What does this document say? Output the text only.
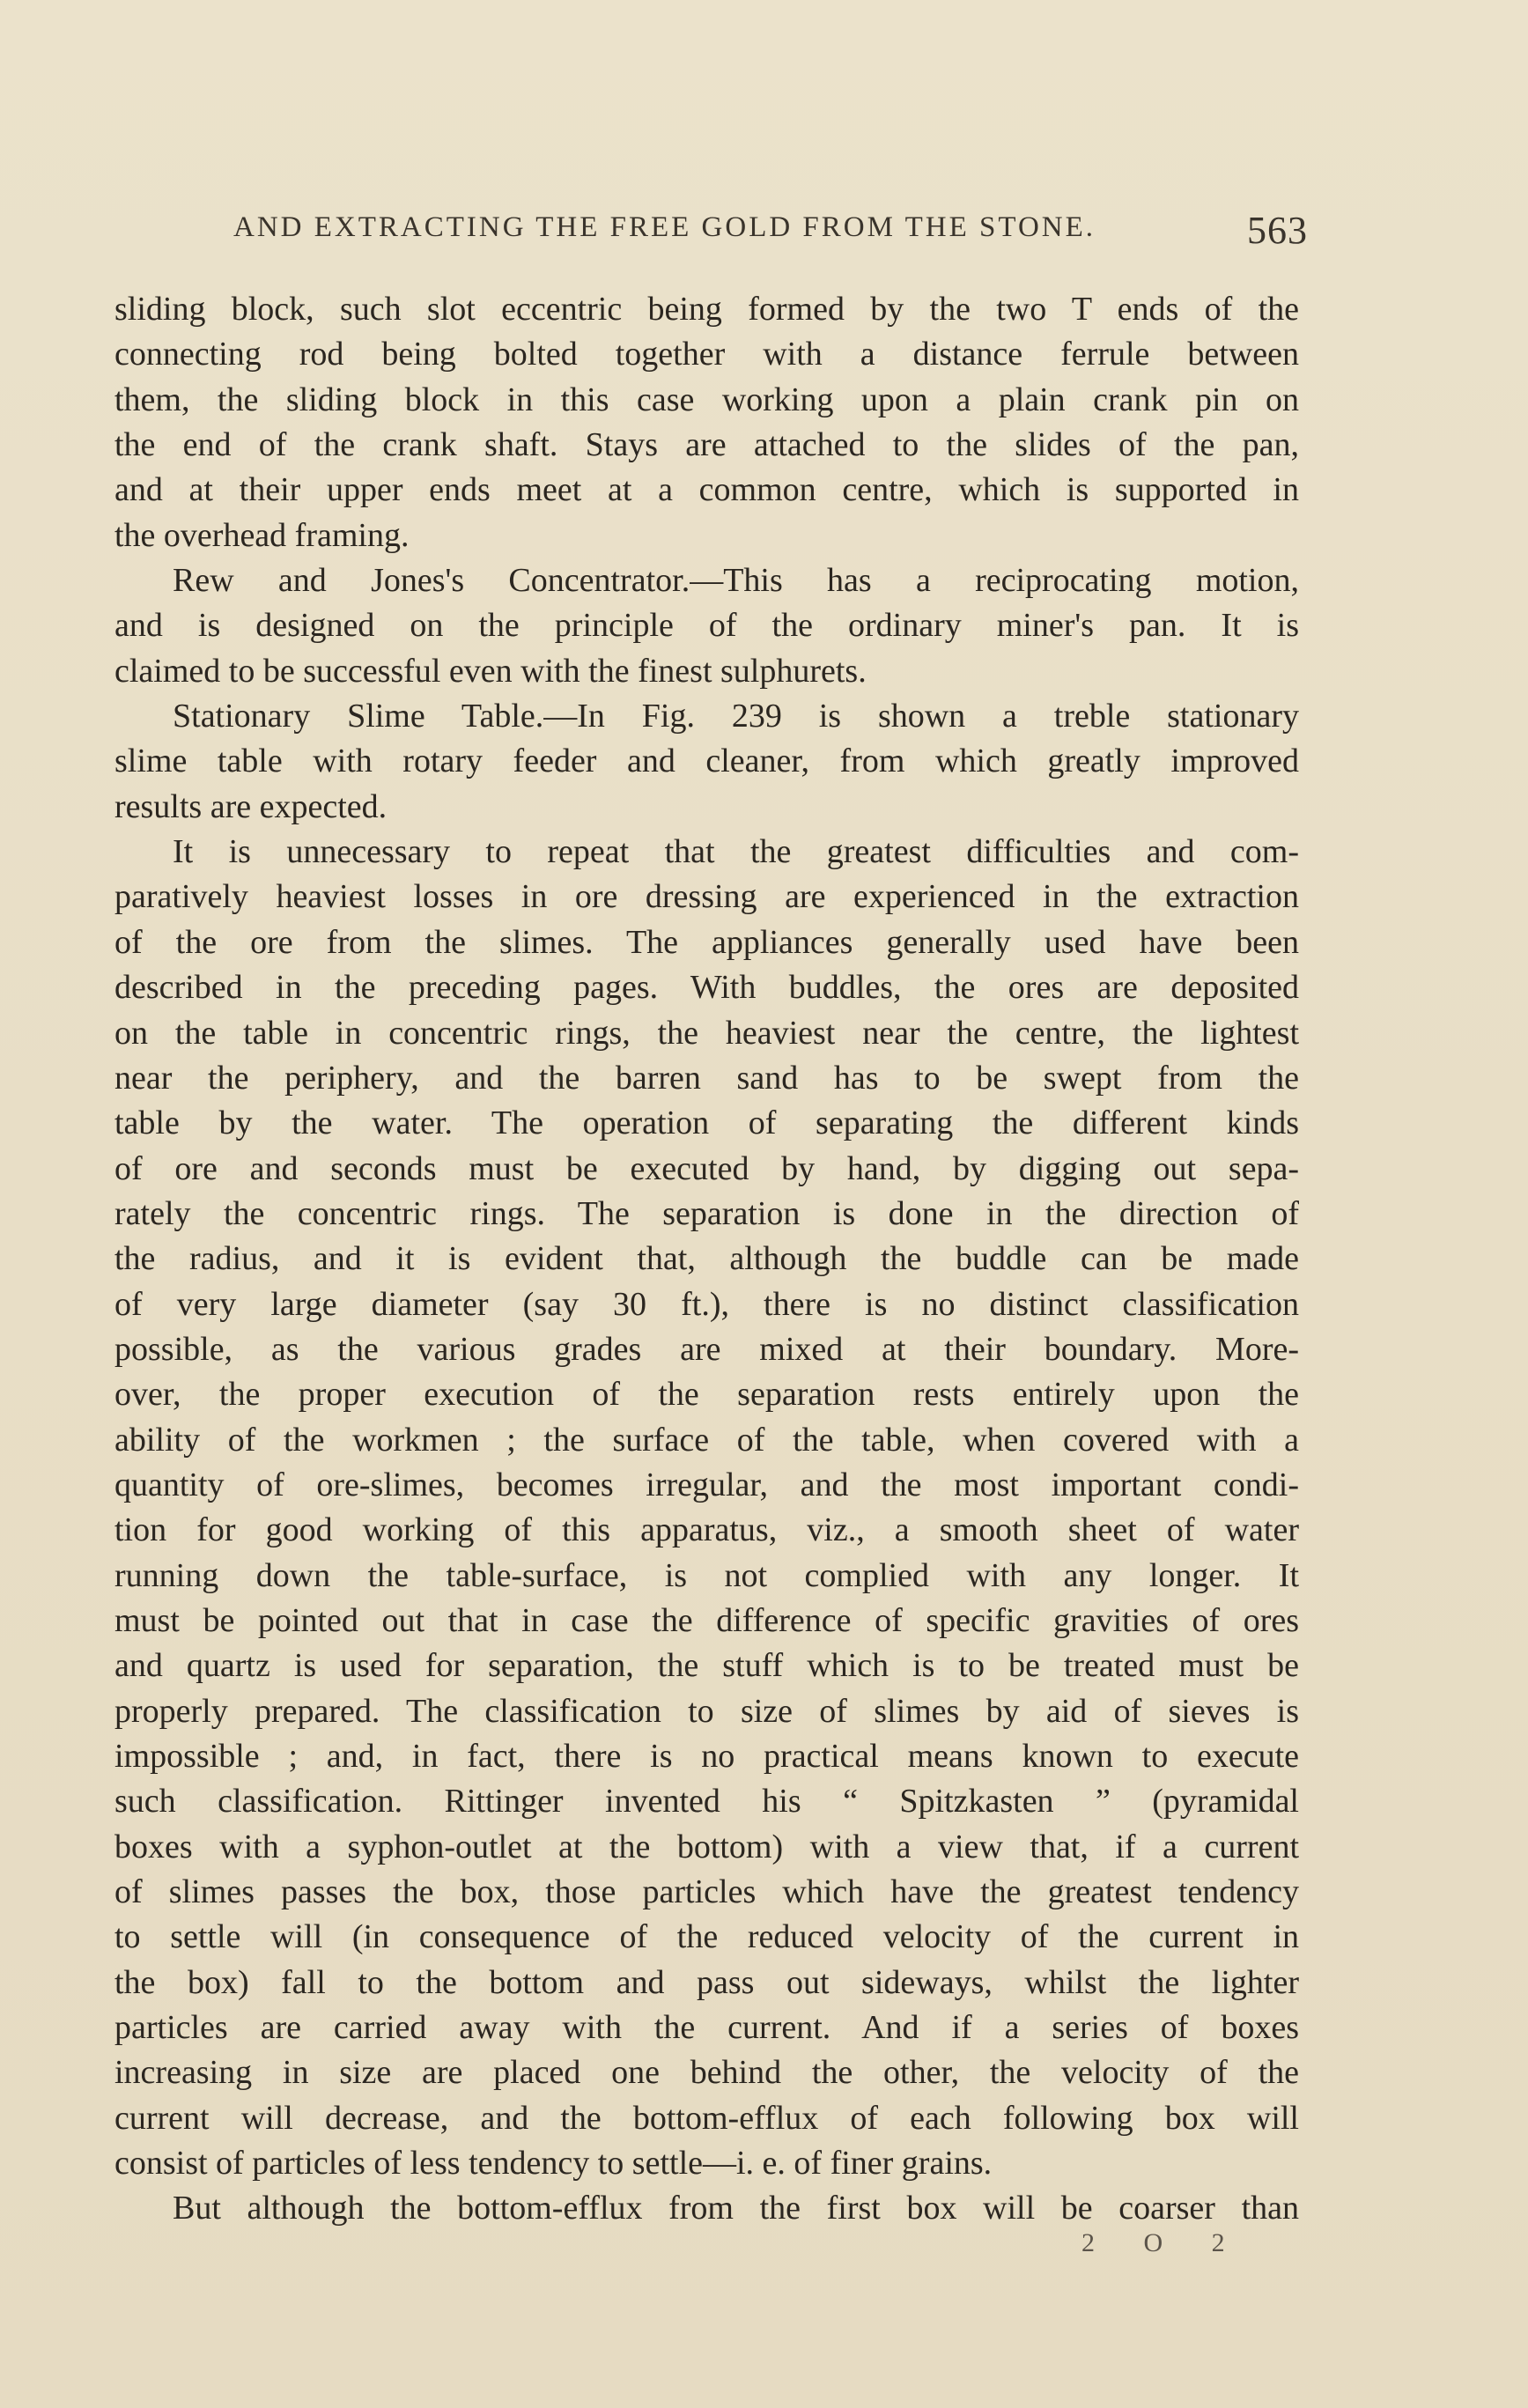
AND EXTRACTING THE FREE GOLD FROM THE STONE.	563
sliding block, such slot eccentric being formed by the two T ends of the
connecting rod being bolted together with a distance ferrule between
them, the sliding block in this case working upon a plain crank pin on
the end of the crank shaft. Stays are attached to the slides of the pan,
and at their upper ends meet at a common centre, which is supported in
the overhead framing.
Rew and Jones's Concentrator.—This has a reciprocating motion,
and is designed on the principle of the ordinary miner's pan. It is
claimed to be successful even with the finest sulphurets.
Stationary Slime Table.—In Fig. 239 is shown a treble stationary
slime table with rotary feeder and cleaner, from which greatly improved
results are expected.
It is unnecessary to repeat that the greatest difficulties and com-
paratively heaviest losses in ore dressing are experienced in the extraction
of the ore from the slimes. The appliances generally used have been
described in the preceding pages. With buddles, the ores are deposited
on the table in concentric rings, the heaviest near the centre, the lightest
near the periphery, and the barren sand has to be swept from the
table by the water. The operation of separating the different kinds
of ore and seconds must be executed by hand, by digging out sepa-
rately the concentric rings. The separation is done in the direction of
the radius, and it is evident that, although the buddle can be made
of very large diameter (say 30 ft.), there is no distinct classification
possible, as the various grades are mixed at their boundary. More-
over, the proper execution of the separation rests entirely upon the
ability of the workmen ; the surface of the table, when covered with a
quantity of ore-slimes, becomes irregular, and the most important condi-
tion for good working of this apparatus, viz., a smooth sheet of water
running down the table-surface, is not complied with any longer. It
must be pointed out that in case the difference of specific gravities of ores
and quartz is used for separation, the stuff which is to be treated must be
properly prepared. The classification to size of slimes by aid of sieves is
impossible ; and, in fact, there is no practical means known to execute
such classification. Rittinger invented his “ Spitzkasten ” (pyramidal
boxes with a syphon-outlet at the bottom) with a view that, if a current
of slimes passes the box, those particles which have the greatest tendency
to settle will (in consequence of the reduced velocity of the current in
the box) fall to the bottom and pass out sideways, whilst the lighter
particles are carried away with the current. And if a series of boxes
increasing in size are placed one behind the other, the velocity of the
current will decrease, and the bottom-efflux of each following box will
consist of particles of less tendency to settle—i. e. of finer grains.
But although the bottom-efflux from the first box will be coarser than
2 O 2
